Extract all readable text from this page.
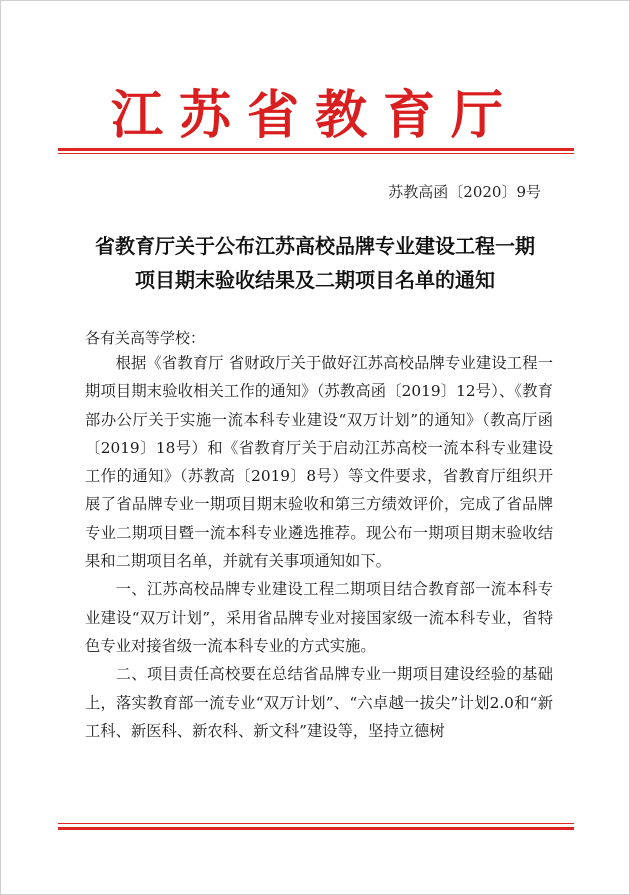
江苏省教育厅
苏教高函〔2020〕9号
省教育厅关于公布江苏高校品牌专业建设工程一期
项目期末验收结果及二期项目名单的通知
各有关高等学校：

根据《省教育厅 省财政厅关于做好江苏高校品牌专业建设工程一期项目期末验收相关工作的通知》（苏教高函〔2019〕12号）、《教育部办公厅关于实施一流本科专业建设“双万计划”的通知》（教高厅函〔2019〕18号）和《省教育厅关于启动江苏高校一流本科专业建设工作的通知》（苏教高〔2019〕8号）等文件要求，省教育厅组织开展了省品牌专业一期项目期末验收和第三方绩效评价，完成了省品牌专业二期项目暨一流本科专业遴选推荐。现公布一期项目期末验收结果和二期项目名单，并就有关事项通知如下。

一、江苏高校品牌专业建设工程二期项目结合教育部一流本科专业建设“双万计划”，采用省品牌专业对接国家级一流本科专业，省特色专业对接省级一流本科专业的方式实施。

二、项目责任高校要在总结省品牌专业一期项目建设经验的基础上，落实教育部一流专业“双万计划”、“六卓越一拔尖”计划2.0和“新工科、新医科、新农科、新文科”建设等，坚持立德树
